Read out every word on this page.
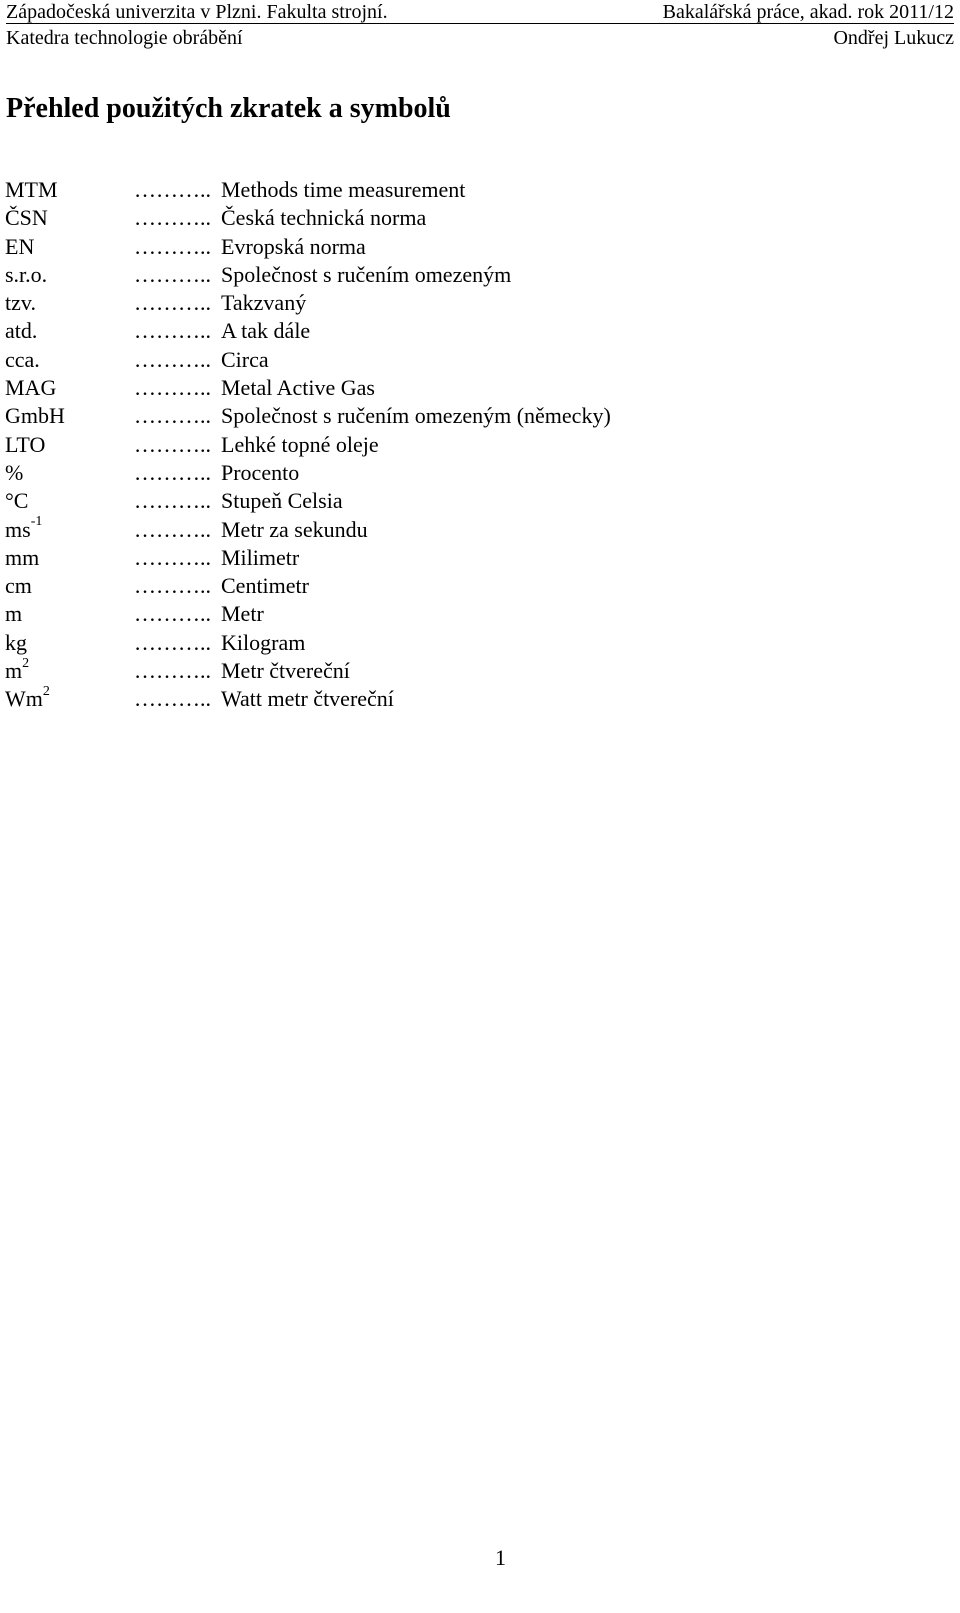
Západočeská univerzita v Plzni. Fakulta strojní.	Bakalářská práce, akad. rok 2011/12
Katedra technologie obrábění	Ondřej Lukucz
Přehled použitých zkratek a symbolů
MTM	……….. Methods time measurement
ČSN	……….. Česká technická norma
EN	……….. Evropská norma
s.r.o.	……….. Společnost s ručením omezeným
tzv.	……….. Takzvaný
atd.	……….. A tak dále
cca.	……….. Circa
MAG	……….. Metal Active Gas
GmbH	……….. Společnost s ručením omezeným (německy)
LTO	……….. Lehké topné oleje
%	……….. Procento
°C	……….. Stupeň Celsia
$ms^{-1}$	……….. Metr za sekundu
mm	……….. Milimetr
cm	……….. Centimetr
m	……….. Metr
kg	……….. Kilogram
$m^2$	……….. Metr čtvereční
Wm$^2$	……….. Watt metr čtvereční
1
